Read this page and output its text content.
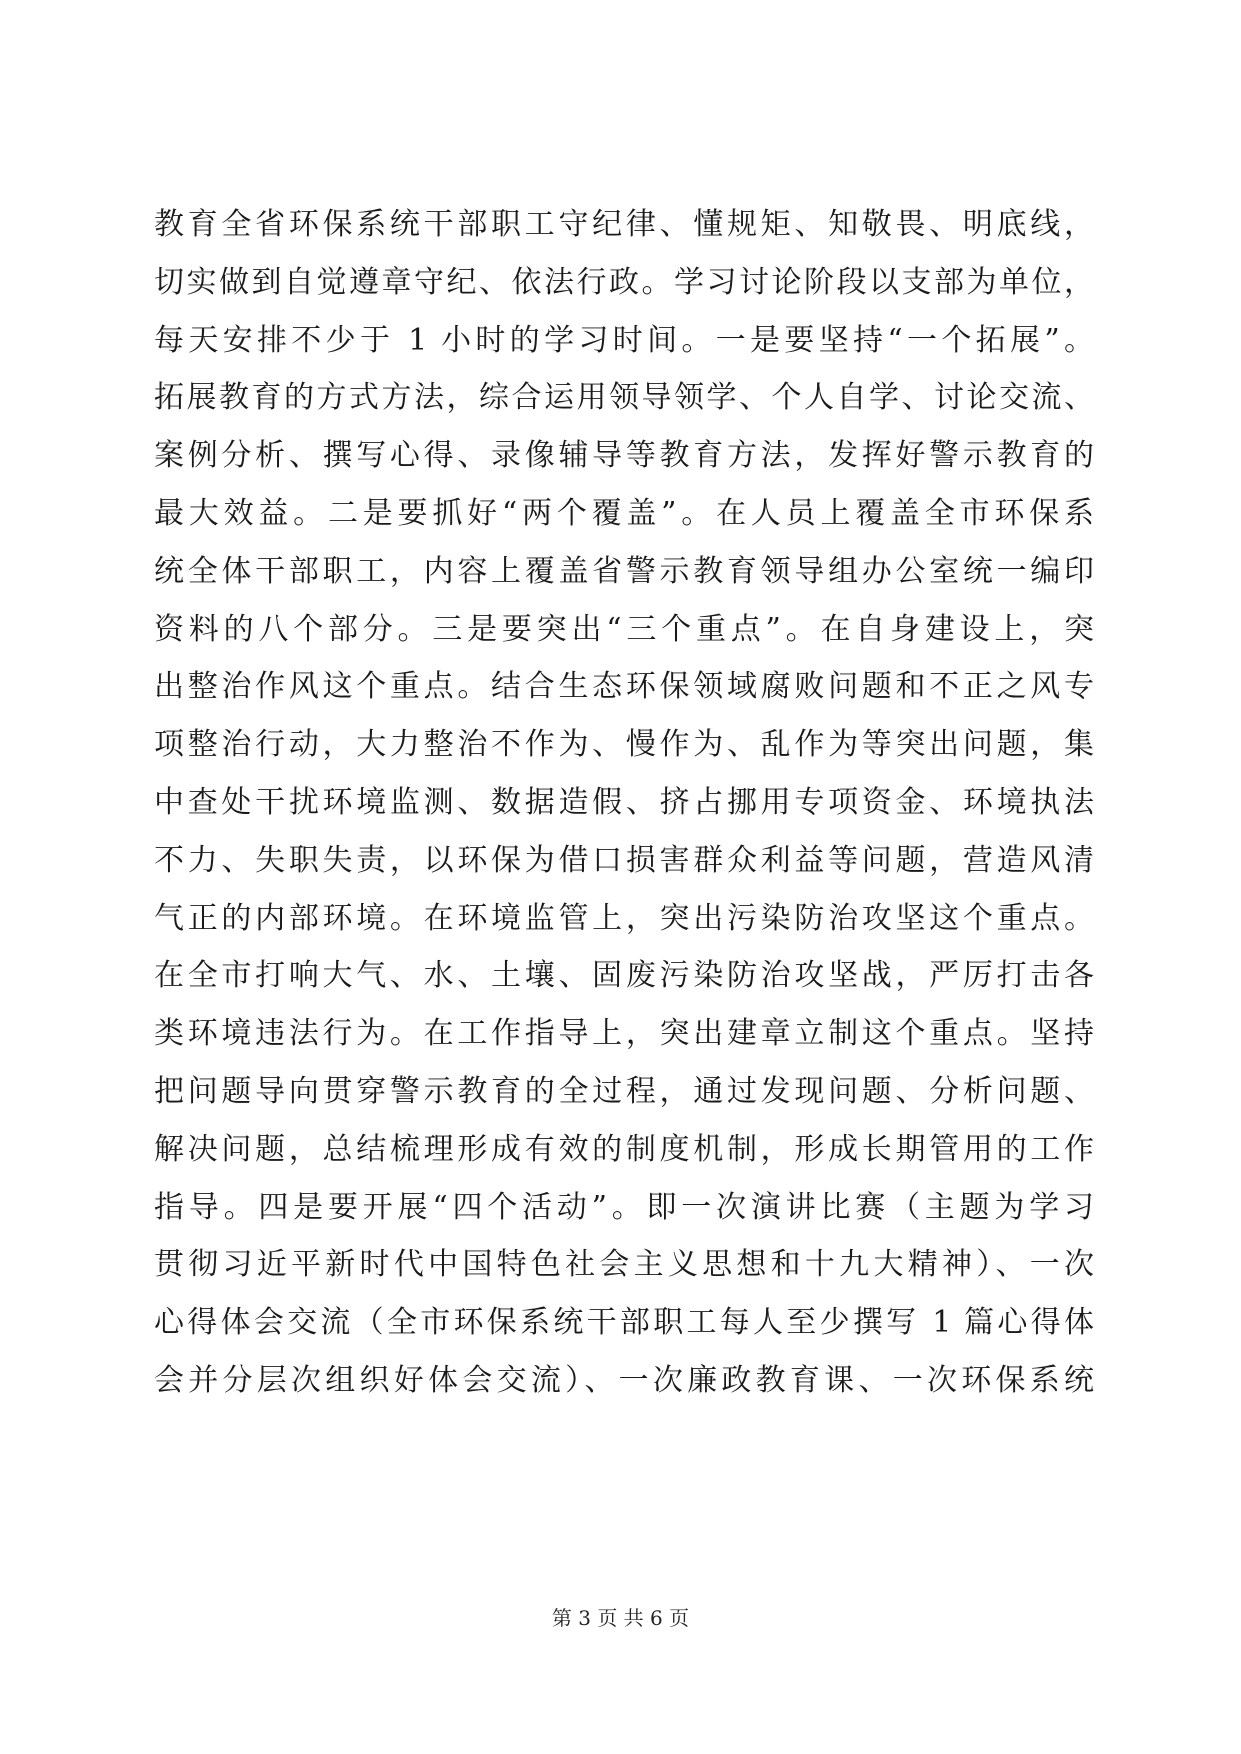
教育全省环保系统干部职工守纪律、懂规矩、知敬畏、明底线，
切实做到自觉遵章守纪、依法行政。学习讨论阶段以支部为单位，
每天安排不少于 1 小时的学习时间。一是要坚持“一个拓展”。
拓展教育的方式方法，综合运用领导领学、个人自学、讨论交流、
案例分析、撰写心得、录像辅导等教育方法，发挥好警示教育的
最大效益。二是要抓好“两个覆盖”。在人员上覆盖全市环保系
统全体干部职工，内容上覆盖省警示教育领导组办公室统一编印
资料的八个部分。三是要突出“三个重点”。在自身建设上，突
出整治作风这个重点。结合生态环保领域腐败问题和不正之风专
项整治行动，大力整治不作为、慢作为、乱作为等突出问题，集
中查处干扰环境监测、数据造假、挤占挪用专项资金、环境执法
不力、失职失责，以环保为借口损害群众利益等问题，营造风清
气正的内部环境。在环境监管上，突出污染防治攻坚这个重点。
在全市打响大气、水、土壤、固废污染防治攻坚战，严厉打击各
类环境违法行为。在工作指导上，突出建章立制这个重点。坚持
把问题导向贯穿警示教育的全过程，通过发现问题、分析问题、
解决问题，总结梳理形成有效的制度机制，形成长期管用的工作
指导。四是要开展“四个活动”。即一次演讲比赛（主题为学习
贯彻习近平新时代中国特色社会主义思想和十九大精神）、一次
心得体会交流（全市环保系统干部职工每人至少撰写 1 篇心得体
会并分层次组织好体会交流）、一次廉政教育课、一次环保系统
第 3 页 共 6 页
